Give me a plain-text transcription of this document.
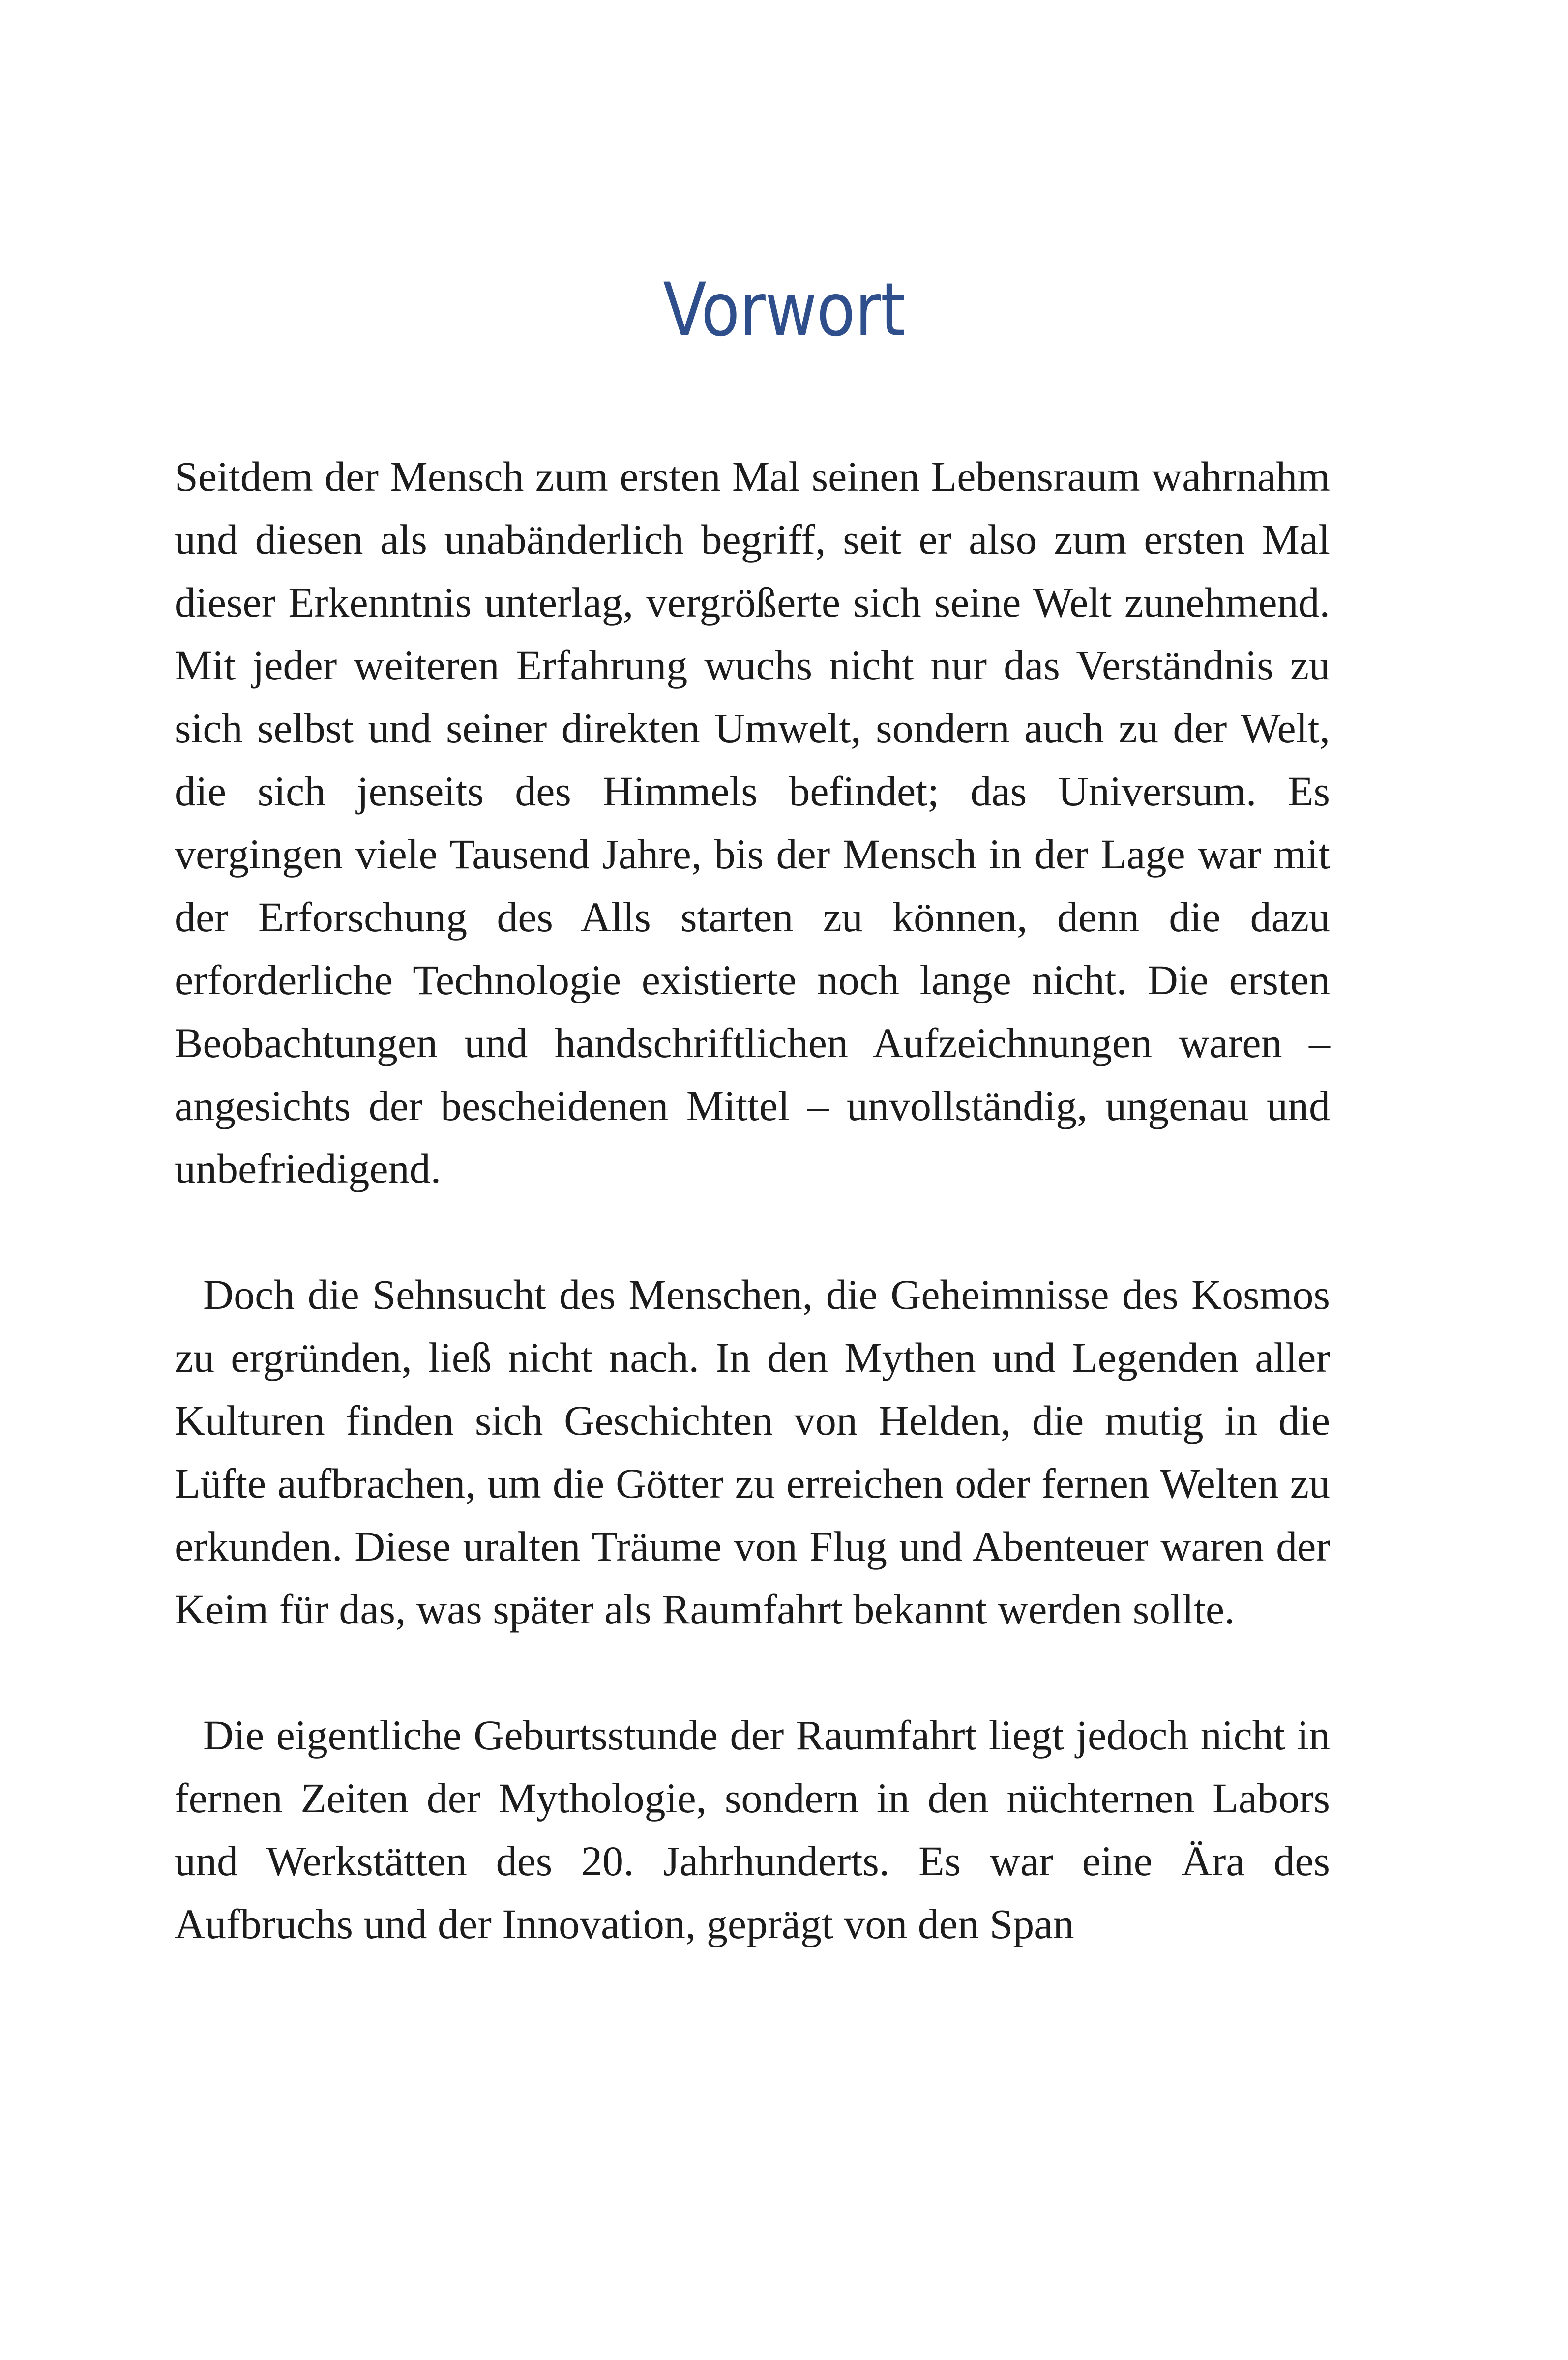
Vorwort

Seitdem der Mensch zum ersten Mal seinen Lebensraum wahrnahm und diesen als unabänderlich begriff, seit er also zum ersten Mal dieser Erkenntnis unterlag, vergrößerte sich seine Welt zunehmend. Mit jeder weiteren Erfahrung wuchs nicht nur das Verständnis zu sich selbst und seiner direkten Umwelt, sondern auch zu der Welt, die sich jenseits des Himmels befindet; das Universum. Es vergingen viele Tausend Jahre, bis der Mensch in der Lage war mit der Erforschung des Alls starten zu können, denn die dazu erforderliche Technologie existierte noch lange nicht. Die ersten Beobachtungen und handschriftlichen Aufzeichnungen waren – angesichts der bescheidenen Mittel – unvollständig, ungenau und unbefriedigend.

Doch die Sehnsucht des Menschen, die Geheimnisse des Kosmos zu ergründen, ließ nicht nach. In den Mythen und Legenden aller Kulturen finden sich Geschichten von Helden, die mutig in die Lüfte aufbrachen, um die Götter zu erreichen oder fernen Welten zu erkunden. Diese uralten Träume von Flug und Abenteuer waren der Keim für das, was später als Raumfahrt bekannt werden sollte.

Die eigentliche Geburtsstunde der Raumfahrt liegt jedoch nicht in fernen Zeiten der Mythologie, sondern in den nüchternen Labors und Werkstätten des 20. Jahrhunderts. Es war eine Ära des Aufbruchs und der Innovation, geprägt von den Span
